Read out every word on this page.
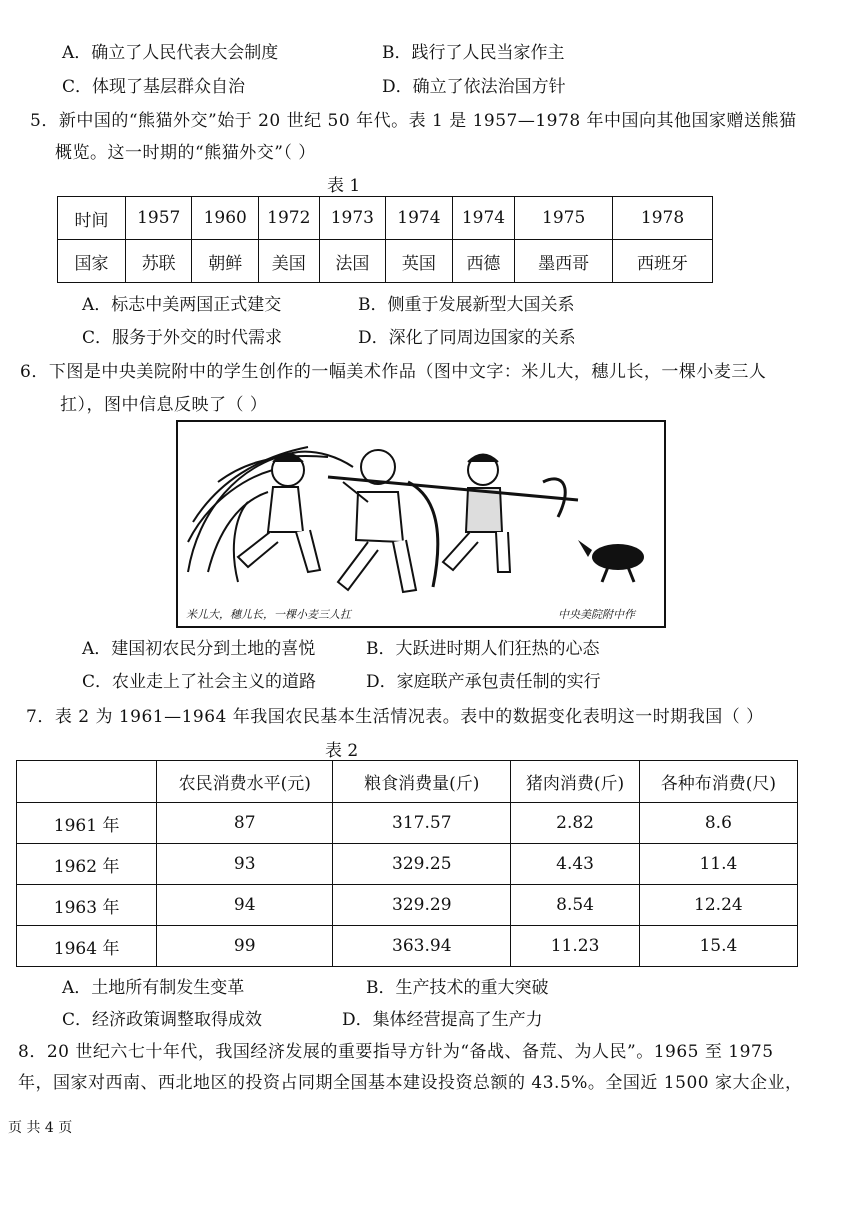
A．确立了人民代表大会制度	B．践行了人民当家作主
C．体现了基层群众自治	D．确立了依法治国方针
5．新中国的“熊猫外交”始于 20 世纪 50 年代。表 1 是 1957—1978 年中国向其他国家赠送熊猫
概览。这一时期的“熊猫外交”（ ）
表 1
时间	1957	1960	1972	1973	1974	1974	1975	1978
国家	苏联	朝鲜	美国	法国	英国	西德	墨西哥	西班牙
A．标志中美两国正式建交	B．侧重于发展新型大国关系
C．服务于外交的时代需求	D．深化了同周边国家的关系
6．下图是中央美院附中的学生创作的一幅美术作品（图中文字：米儿大，穗儿长，一棵小麦三人
扛），图中信息反映了（ ）
米儿大，穗儿长，一棵小麦三人扛	中央美院附中作
A．建国初农民分到土地的喜悦	B．大跃进时期人们狂热的心态
C．农业走上了社会主义的道路	D．家庭联产承包责任制的实行
7．表 2 为 1961—1964 年我国农民基本生活情况表。表中的数据变化表明这一时期我国（ ）
表 2
	农民消费水平(元)	粮食消费量(斤)	猪肉消费(斤)	各种布消费(尺)
1961 年	87	317.57	2.82	8.6
1962 年	93	329.25	4.43	11.4
1963 年	94	329.29	8.54	12.24
1964 年	99	363.94	11.23	15.4
A．土地所有制发生变革	B．生产技术的重大突破
C．经济政策调整取得成效	D．集体经营提高了生产力
8．20 世纪六七十年代，我国经济发展的重要指导方针为“备战、备荒、为人民”。1965 至 1975
年，国家对西南、西北地区的投资占同期全国基本建设投资总额的 43.5%。全国近 1500 家大企业，
页 共 4 页
